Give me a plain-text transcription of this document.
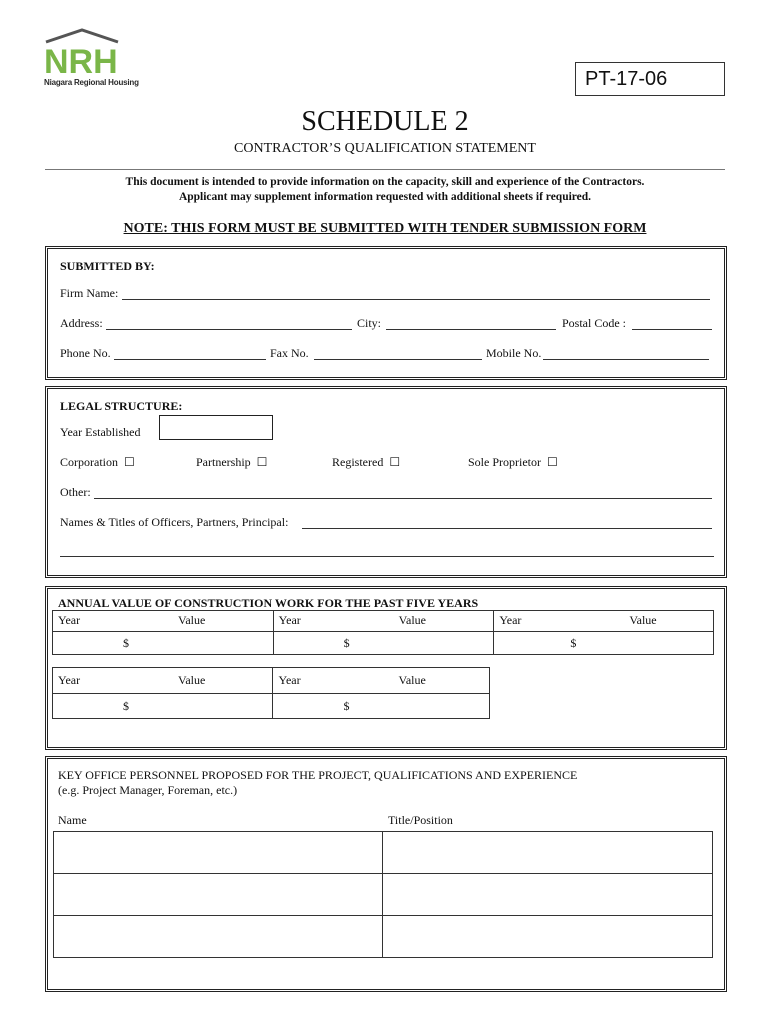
NRH
Niagara Regional Housing	PT-17-06
SCHEDULE 2
CONTRACTOR’S QUALIFICATION STATEMENT
This document is intended to provide information on the capacity, skill and experience of the Contractors.
Applicant may supplement information requested with additional sheets if required.
NOTE: THIS FORM MUST BE SUBMITTED WITH TENDER SUBMISSION FORM
SUBMITTED BY:
Firm Name:
Address:	City:	Postal Code :
Phone No.	Fax No.	Mobile No.
LEGAL STRUCTURE:
Year Established
Corporation  ☐	Partnership  ☐	Registered  ☐	Sole Proprietor  ☐
Other:
Names & Titles of Officers, Partners, Principal:
ANNUAL VALUE OF CONSTRUCTION WORK FOR THE PAST FIVE YEARS
Year Value	Year Value	Year Value

$	$	$
Year Value	Year Value

$	$
KEY OFFICE PERSONNEL PROPOSED FOR THE PROJECT, QUALIFICATIONS AND EXPERIENCE
(e.g. Project Manager, Foreman, etc.)
Name	Title/Position
